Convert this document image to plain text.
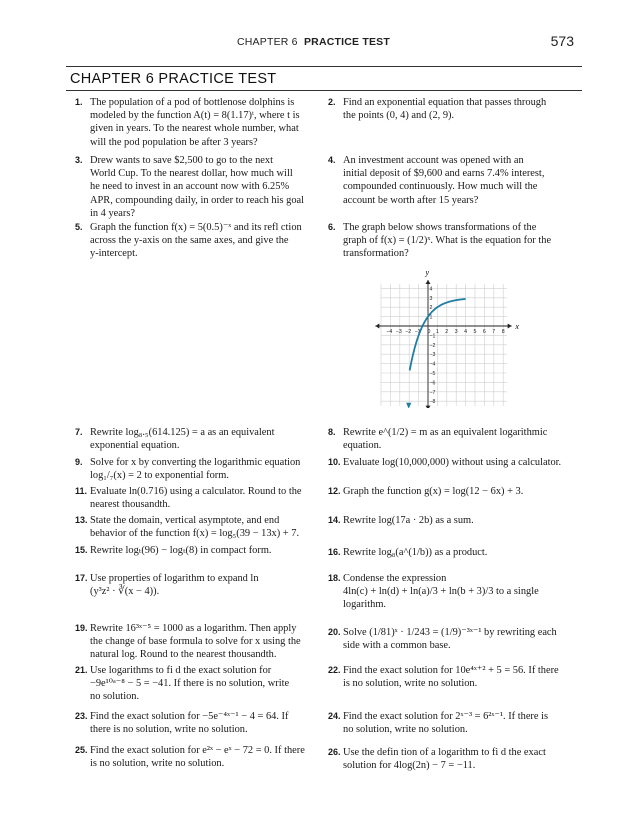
CHAPTER 6 PRACTICE TEST	573
CHAPTER 6 PRACTICE TEST
1. The population of a pod of bottlenose dolphins is
modeled by the function A(t) = 8(1.17)ᵗ, where t is
given in years. To the nearest whole number, what
will the pod population be after 3 years?
2. Find an exponential equation that passes through
the points (0, 4) and (2, 9).
3. Drew wants to save $2,500 to go to the next
World Cup. To the nearest dollar, how much will
he need to invest in an account now with 6.25%
APR, compounding daily, in order to reach his goal
in 4 years?
4. An investment account was opened with an
initial deposit of $9,600 and earns 7.4% interest,
compounded continuously. How much will the
account be worth after 15 years?
5. Graph the function f(x) = 5(0.5)⁻ˣ and its refl ction
across the y-axis on the same axes, and give the
y-intercept.
6. The graph below shows transformations of the
graph of f(x) = (1/2)ˣ. What is the equation for the
transformation?
x
y
−4 −3 −2 −1 0 1 2 3 4 5 6 7 8
4
3
2
1
−1
−2
−3
−4
−5
−6
−7
−8
7. Rewrite log₈.₅(614.125) = a as an equivalent
exponential equation.
8. Rewrite e^(1/2) = m as an equivalent logarithmic
equation.
9. Solve for x by converting the logarithmic equation
log₁/₇(x) = 2 to exponential form.
10. Evaluate log(10,000,000) without using a calculator.
11. Evaluate ln(0.716) using a calculator. Round to the
nearest thousandth.
12. Graph the function g(x) = log(12 − 6x) + 3.
13. State the domain, vertical asymptote, and end
behavior of the function f(x) = log₅(39 − 13x) + 7.
14. Rewrite log(17a · 2b) as a sum.
15. Rewrite logₜ(96) − logₜ(8) in compact form.	16. Rewrite log₈(a^(1/b)) as a product.
17. Use properties of logarithm to expand ln
(y³z² · ∛(x − 4)).
18. Condense the expression
4ln(c) + ln(d) + ln(a)/3 + ln(b + 3)/3 to a single
logarithm.
19. Rewrite 16³ˣ⁻⁵ = 1000 as a logarithm. Then apply
the change of base formula to solve for x using the
natural log. Round to the nearest thousandth.
20. Solve (1/81)ˣ · 1/243 = (1/9)⁻³ˣ⁻¹ by rewriting each
side with a common base.
21. Use logarithms to fi d the exact solution for
−9e¹⁰ᵃ⁻⁸ − 5 = −41. If there is no solution, write
no solution.
22. Find the exact solution for 10e⁴ˣ⁺² + 5 = 56. If there
is no solution, write no solution.
23. Find the exact solution for −5e⁻⁴ˣ⁻¹ − 4 = 64. If
there is no solution, write no solution.
24. Find the exact solution for 2ˣ⁻³ = 6²ˣ⁻¹. If there is
no solution, write no solution.
25. Find the exact solution for e²ˣ − eˣ − 72 = 0. If there
is no solution, write no solution.
26. Use the defin tion of a logarithm to fi d the exact
solution for 4log(2n) − 7 = −11.
